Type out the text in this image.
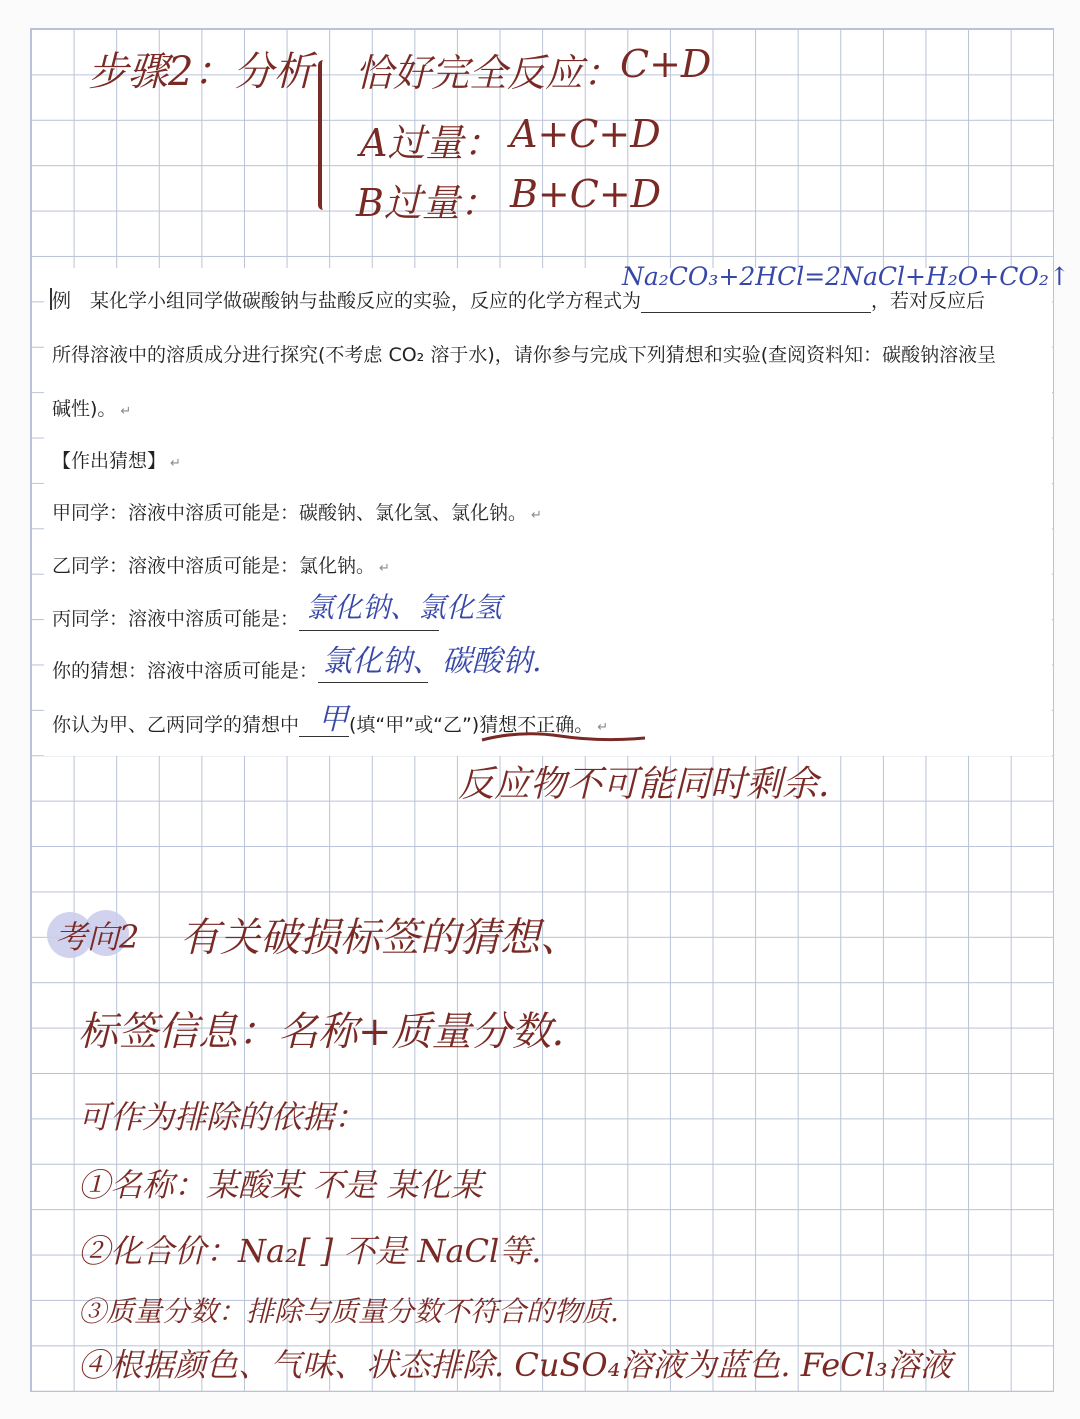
步骤2：分析 恰好完全反应：
C+D
A过量： A+C+D
B过量： B+C+D
例　某化学小组同学做碳酸钠与盐酸反应的实验，反应的化学方程式为	，若对反应后
所得溶液中的溶质成分进行探究(不考虑 CO₂ 溶于水)，请你参与完成下列猜想和实验(查阅资料知：碳酸钠溶液呈
碱性)。 ↵
【作出猜想】 ↵
甲同学：溶液中溶质可能是：碳酸钠、氯化氢、氯化钠。 ↵
乙同学：溶液中溶质可能是：氯化钠。 ↵
丙同学：溶液中溶质可能是：
你的猜想：溶液中溶质可能是：
你认为甲、乙两同学的猜想中	(填“甲”或“乙”)猜想不正确。 ↵
Na₂CO₃+2HCl=2NaCl+H₂O+CO₂↑
氯化钠、氯化氢
氯化钠、碳酸钠.
甲
反应物不可能同时剩余.
考向2 有关破损标签的猜想、
标签信息：名称+质量分数.
可作为排除的依据：
①名称：某酸某 不是 某化某
②化合价：Na₂[ ] 不是 NaCl等.
③质量分数：排除与质量分数不符合的物质.
④根据颜色、气味、状态排除. CuSO₄溶液为蓝色. FeCl₃溶液
